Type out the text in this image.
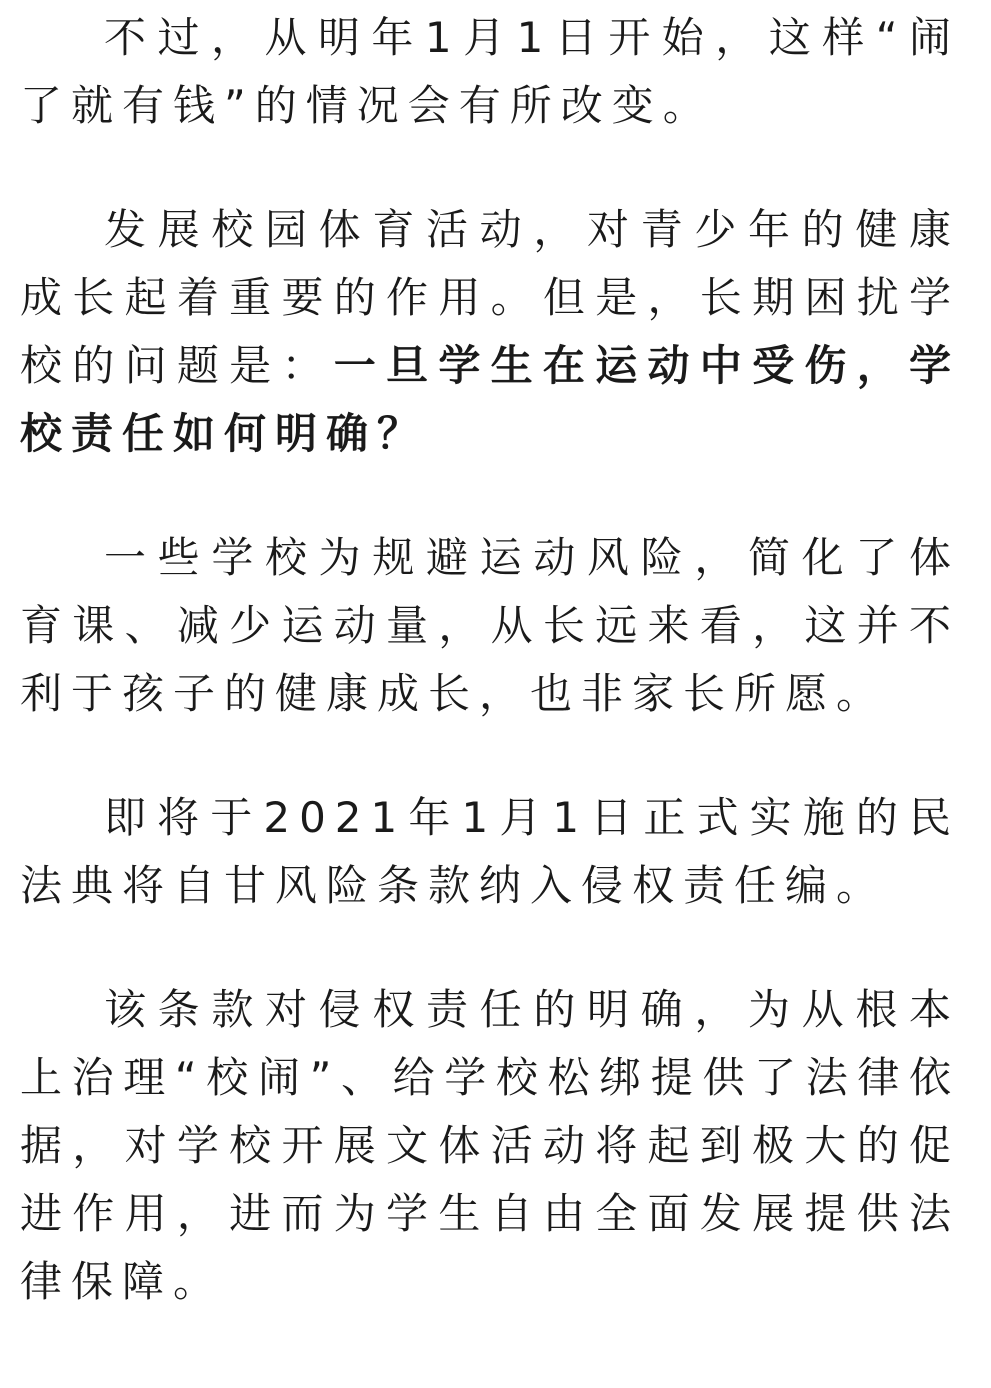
不过，从明年1月1日开始，这样“闹了就有钱”的情况会有所改变。

发展校园体育活动，对青少年的健康成长起着重要的作用。但是，长期困扰学校的问题是：一旦学生在运动中受伤，学校责任如何明确？

一些学校为规避运动风险，简化了体育课、减少运动量，从长远来看，这并不利于孩子的健康成长，也非家长所愿。

即将于2021年1月1日正式实施的民法典将自甘风险条款纳入侵权责任编。

该条款对侵权责任的明确，为从根本上治理“校闹”、给学校松绑提供了法律依据，对学校开展文体活动将起到极大的促进作用，进而为学生自由全面发展提供法律保障。
